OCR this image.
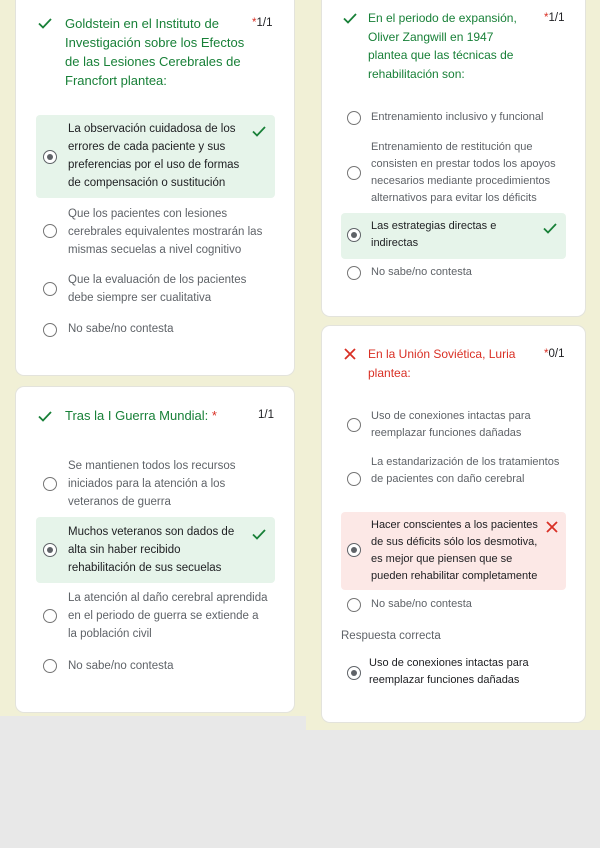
Goldstein en el Instituto de Investigación sobre los Efectos de las Lesiones Cerebrales de Francfort plantea:
*1/1
La observación cuidadosa de los errores de cada paciente y sus preferencias por el uso de formas de compensación o sustitución
Que los pacientes con lesiones cerebrales equivalentes mostrarán las mismas secuelas a nivel cognitivo
Que la evaluación de los pacientes debe siempre ser cualitativa
No sabe/no contesta
Tras la I Guerra Mundial: *	1/1
Se mantienen todos los recursos iniciados para la atención a los veteranos de guerra
Muchos veteranos son dados de alta sin haber recibido rehabilitación de sus secuelas
La atención al daño cerebral aprendida en el periodo de guerra se extiende a la población civil
No sabe/no contesta
En el periodo de expansión, Oliver Zangwill en 1947 plantea que las técnicas de rehabilitación son:
*1/1
Entrenamiento inclusivo y funcional
Entrenamiento de restitución que consisten en prestar todos los apoyos necesarios mediante procedimientos alternativos para evitar los déficits
Las estrategias directas e indirectas
No sabe/no contesta
En la Unión Soviética, Luria plantea:
*0/1
Uso de conexiones intactas para reemplazar funciones dañadas
La estandarización de los tratamientos de pacientes con daño cerebral
Hacer conscientes a los pacientes de sus déficits sólo los desmotiva, es mejor que piensen que se pueden rehabilitar completamente
No sabe/no contesta
Respuesta correcta
Uso de conexiones intactas para reemplazar funciones dañadas
